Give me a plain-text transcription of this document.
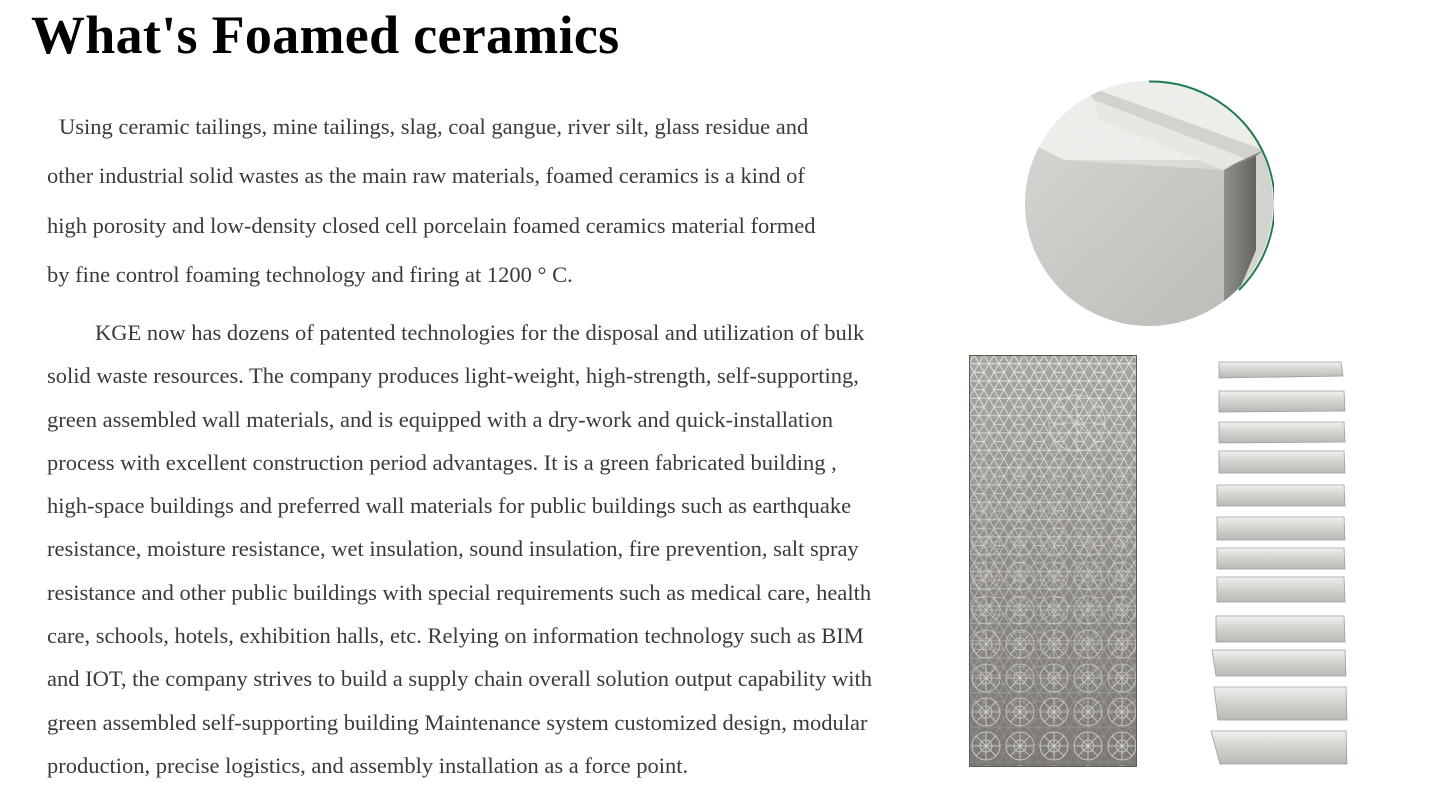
What's Foamed ceramics
Using ceramic tailings, mine tailings, slag, coal gangue, river silt, glass residue and
other industrial solid wastes as the main raw materials, foamed ceramics is a kind of
high porosity and low-density closed cell porcelain foamed ceramics material formed
by fine control foaming technology and firing at 1200 ° C.
KGE now has dozens of patented technologies for the disposal and utilization of bulk
solid waste resources. The company produces light-weight, high-strength, self-supporting,
green assembled wall materials, and is equipped with a dry-work and quick-installation
process with excellent construction period advantages. It is a green fabricated building ,
high-space buildings and preferred wall materials for public buildings such as earthquake
resistance, moisture resistance, wet insulation, sound insulation, fire prevention, salt spray
resistance and other public buildings with special requirements such as medical care, health
care, schools, hotels, exhibition halls, etc. Relying on information technology such as BIM
and IOT, the company strives to build a supply chain overall solution output capability with
green assembled self-supporting building Maintenance system customized design, modular
production, precise logistics, and assembly installation as a force point.
